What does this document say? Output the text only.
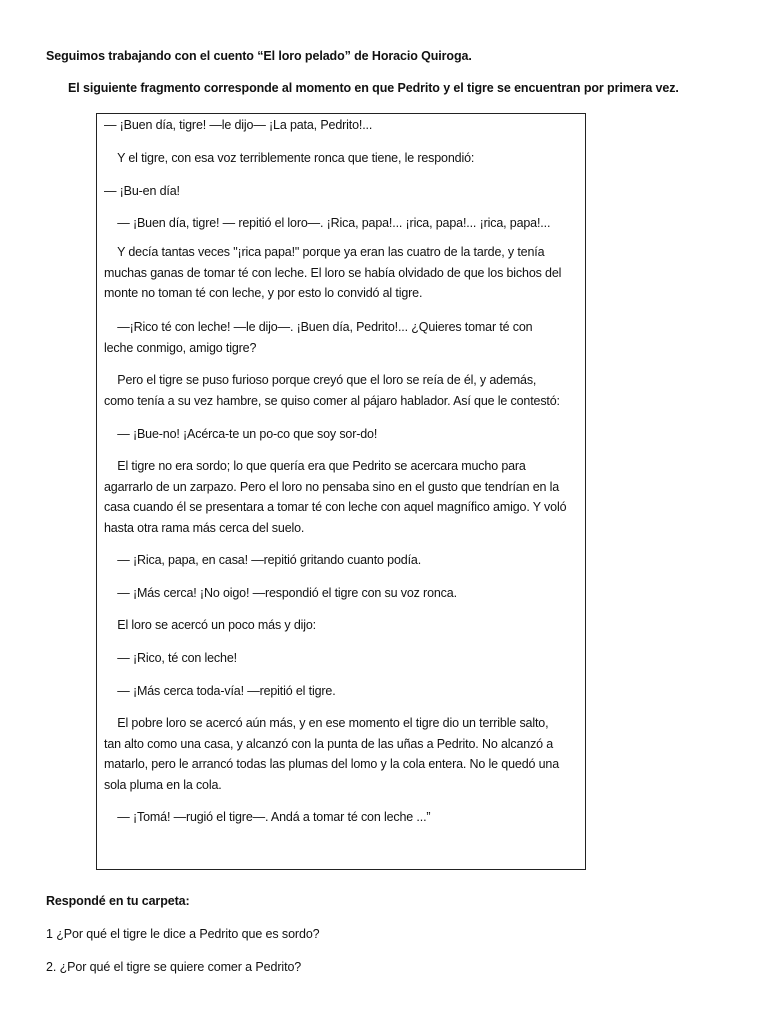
Seguimos trabajando con el cuento “El loro pelado” de Horacio Quiroga.
El siguiente fragmento corresponde al momento en que Pedrito y el tigre se encuentran por primera vez.
— ¡Buen día, tigre! —le dijo— ¡La pata, Pedrito!...
Y el tigre, con esa voz terriblemente ronca que tiene, le respondió:
— ¡Bu-en día!
— ¡Buen día, tigre! — repitió el loro—. ¡Rica, papa!... ¡rica, papa!... ¡rica, papa!...
Y decía tantas veces "¡rica papa!" porque ya eran las cuatro de la tarde, y tenía
muchas ganas de tomar té con leche. El loro se había olvidado de que los bichos del
monte no toman té con leche, y por esto lo convidó al tigre.
—¡Rico té con leche! —le dijo—. ¡Buen día, Pedrito!... ¿Quieres tomar té con
leche conmigo, amigo tigre?
Pero el tigre se puso furioso porque creyó que el loro se reía de él, y además,
como tenía a su vez hambre, se quiso comer al pájaro hablador. Así que le contestó:
— ¡Bue-no! ¡Acérca-te un po-co que soy sor-do!
El tigre no era sordo; lo que quería era que Pedrito se acercara mucho para
agarrarlo de un zarpazo. Pero el loro no pensaba sino en el gusto que tendrían en la
casa cuando él se presentara a tomar té con leche con aquel magnífico amigo. Y voló
hasta otra rama más cerca del suelo.
— ¡Rica, papa, en casa! —repitió gritando cuanto podía.
— ¡Más cerca! ¡No oigo! —respondió el tigre con su voz ronca.
El loro se acercó un poco más y dijo:
— ¡Rico, té con leche!
— ¡Más cerca toda-vía! —repitió el tigre.
El pobre loro se acercó aún más, y en ese momento el tigre dio un terrible salto,
tan alto como una casa, y alcanzó con la punta de las uñas a Pedrito. No alcanzó a
matarlo, pero le arrancó todas las plumas del lomo y la cola entera. No le quedó una
sola pluma en la cola.
— ¡Tomá! —rugió el tigre—. Andá a tomar té con leche ...”
Respondé en tu carpeta:
1 ¿Por qué el tigre le dice a Pedrito que es sordo?
2. ¿Por qué el tigre se quiere comer a Pedrito?
